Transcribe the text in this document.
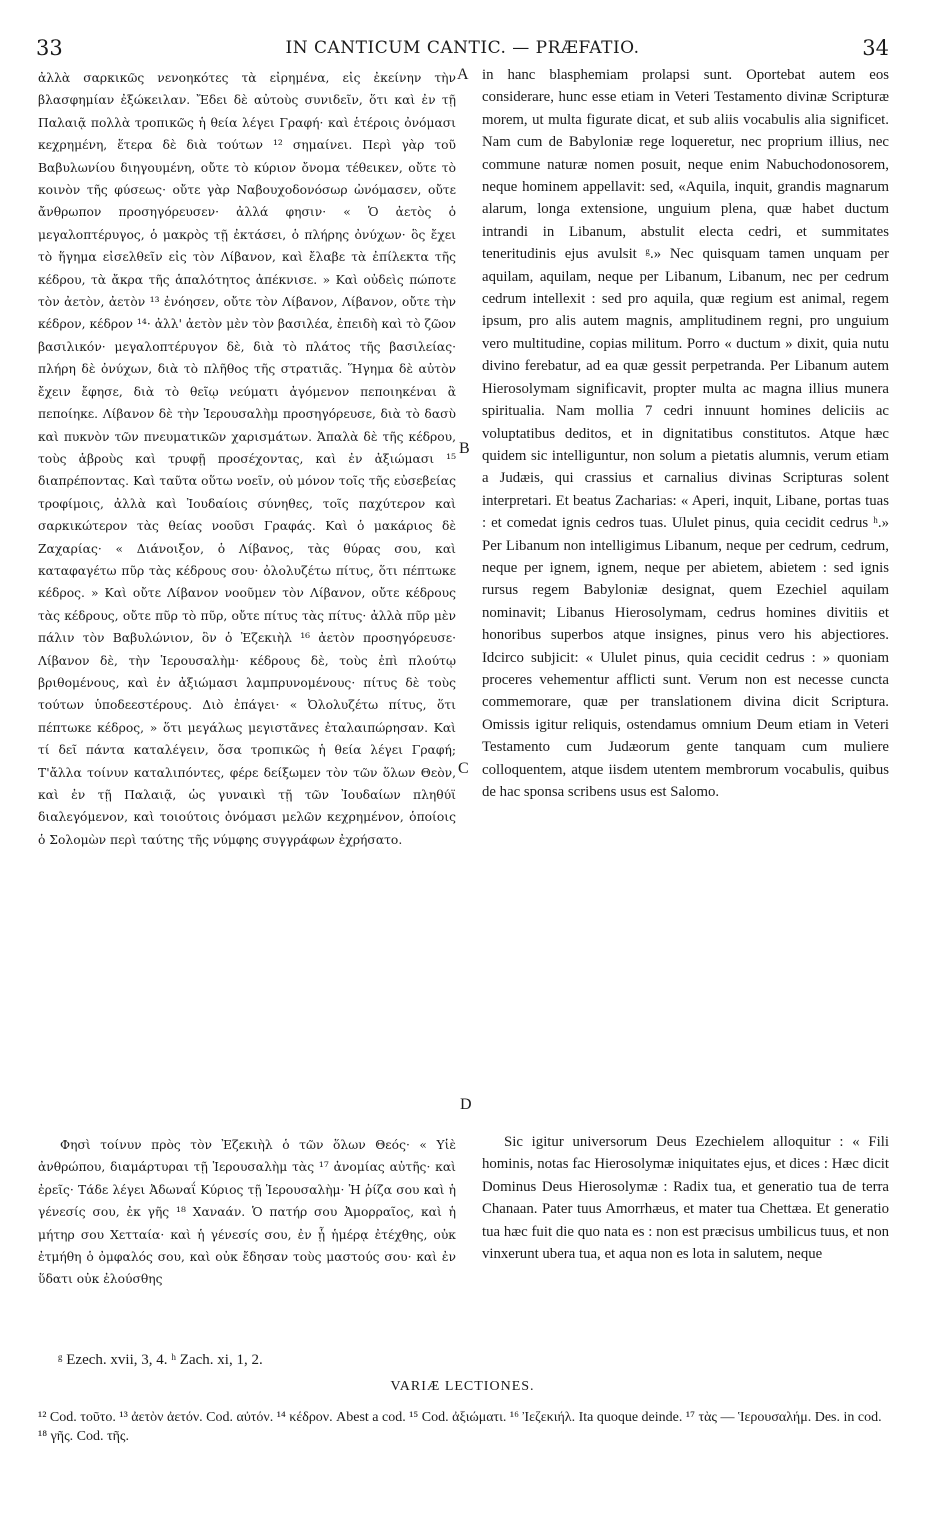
33	IN CANTICUM CANTIC. — PRÆFATIO.	34

ἀλλὰ σαρκικῶς νενοηκότες τὰ εἰρημένα, εἰς ἐκείνην τὴν βλασφημίαν ἐξώκειλαν. Ἔδει δὲ αὐτοὺς συνιδεῖν, ὅτι καὶ ἐν τῇ Παλαιᾷ πολλὰ τροπικῶς ἡ θεία λέγει Γραφή· καὶ ἑτέροις ὀνόμασι κεχρημένη, ἕτερα δὲ διὰ τούτων ¹² σημαίνει. Περὶ γὰρ τοῦ Βαβυλωνίου διηγουμένη, οὔτε τὸ κύριον ὄνομα τέθεικεν, οὔτε τὸ κοινὸν τῆς φύσεως· οὔτε γὰρ Ναβουχοδονόσωρ ὠνόμασεν, οὔτε ἄνθρωπον προσηγόρευσεν· ἀλλά φησιν· « Ὁ ἀετὸς ὁ μεγαλοπτέρυγος, ὁ μακρὸς τῇ ἐκτάσει, ὁ πλήρης ὀνύχων· ὃς ἔχει τὸ ἥγημα εἰσελθεῖν εἰς τὸν Λίβανον, καὶ ἔλαβε τὰ ἐπίλεκτα τῆς κέδρου, τὰ ἄκρα τῆς ἁπαλότητος ἀπέκνισε. » Καὶ οὐδεὶς πώποτε τὸν ἀετὸν, ἀετὸν ¹³ ἐνόησεν, οὔτε τὸν Λίβανον, Λίβανον, οὔτε τὴν κέδρον, κέδρον ¹⁴· ἀλλ' ἀετὸν μὲν τὸν βασιλέα, ἐπειδὴ καὶ τὸ ζῶον βασιλικόν· μεγαλοπτέρυγον δὲ, διὰ τὸ πλάτος τῆς βασιλείας· πλήρη δὲ ὀνύχων, διὰ τὸ πλῆθος τῆς στρατιᾶς. Ἥγημα δὲ αὐτὸν ἔχειν ἔφησε, διὰ τὸ θεῖῳ νεύματι ἀγόμενον πεποιηκέναι ἃ πεποίηκε. Λίβανον δὲ τὴν Ἱερουσαλὴμ προσηγόρευσε, διὰ τὸ δασὺ καὶ πυκνὸν τῶν πνευματικῶν χαρισμάτων. Ἁπαλὰ δὲ τῆς κέδρου, τοὺς ἁβροὺς καὶ τρυφῇ προσέχοντας, καὶ ἐν ἀξιώμασι ¹⁵ διαπρέποντας. Καὶ ταῦτα οὕτω νοεῖν, οὐ μόνον τοῖς τῆς εὐσεβείας τροφίμοις, ἀλλὰ καὶ Ἰουδαίοις σύνηθες, τοῖς παχύτερον καὶ σαρκικώτερον τὰς θείας νοοῦσι Γραφάς. Καὶ ὁ μακάριος δὲ Ζαχαρίας· « Διάνοιξον, ὁ Λίβανος, τὰς θύρας σου, καὶ καταφαγέτω πῦρ τὰς κέδρους σου· ὀλολυζέτω πίτυς, ὅτι πέπτωκε κέδρος. » Καὶ οὔτε Λίβανον νοοῦμεν τὸν Λίβανον, οὔτε κέδρους τὰς κέδρους, οὔτε πῦρ τὸ πῦρ, οὔτε πίτυς τὰς πίτυς· ἀλλὰ πῦρ μὲν πάλιν τὸν Βαβυλώνιον, ὃν ὁ Ἐζεκιὴλ ¹⁶ ἀετὸν προσηγόρευσε· Λίβανον δὲ, τὴν Ἱερουσαλὴμ· κέδρους δὲ, τοὺς ἐπὶ πλούτῳ βριθομένους, καὶ ἐν ἀξιώμασι λαμπρυνομένους· πίτυς δὲ τοὺς τούτων ὑποδεεστέρους. Διὸ ἐπάγει· « Ὀλολυζέτω πίτυς, ὅτι πέπτωκε κέδρος, » ὅτι μεγάλως μεγιστᾶνες ἐταλαιπώρησαν. Καὶ τί δεῖ πάντα καταλέγειν, ὅσα τροπικῶς ἡ θεία λέγει Γραφή; Τ'ἄλλα τοίνυν καταλιπόντες, φέρε δείξωμεν τὸν τῶν ὅλων Θεὸν, καὶ ἐν τῇ Παλαιᾷ, ὡς γυναικὶ τῇ τῶν Ἰουδαίων πληθύϊ διαλεγόμενον, καὶ τοιούτοις ὀνόμασι μελῶν κεχρημένον, ὁποίοις ὁ Σολομὼν περὶ ταύτης τῆς νύμφης συγγράφων ἐχρήσατο.

in hanc blasphemiam prolapsi sunt. Oportebat autem eos considerare, hunc esse etiam in Veteri Testamento divinæ Scripturæ morem, ut multa figurate dicat, et sub aliis vocabulis alia significet. Nam cum de Babyloniæ rege loqueretur, nec proprium illius, nec commune naturæ nomen posuit, neque enim Nabuchodonosorem, neque hominem appellavit: sed, «Aquila, inquit, grandis magnarum alarum, longa extensione, unguium plena, quæ habet ductum intrandi in Libanum, abstulit electa cedri, et summitates teneritudinis ejus avulsit ᵍ.» Nec quisquam tamen unquam per aquilam, aquilam, neque per Libanum, Libanum, nec per cedrum cedrum intellexit : sed pro aquila, quæ regium est animal, regem ipsum, pro alis autem magnis, amplitudinem regni, pro unguium vero multitudine, copias militum. Porro « ductum » dixit, quia nutu divino ferebatur, ad ea quæ gessit perpetranda. Per Libanum autem Hierosolymam significavit, propter multa ac magna illius munera spiritualia. Nam mollia 7 cedri innuunt homines deliciis ac voluptatibus deditos, et in dignitatibus constitutos. Atque hæc quidem sic intelliguntur, non solum a pietatis alumnis, verum etiam a Judæis, qui crassius et carnalius divinas Scripturas solent interpretari. Et beatus Zacharias: « Aperi, inquit, Libane, portas tuas : et comedat ignis cedros tuas. Ululet pinus, quia cecidit cedrus ʰ.» Per Libanum non intelligimus Libanum, neque per cedrum, cedrum, neque per ignem, ignem, neque per abietem, abietem : sed ignis rursus regem Babyloniæ designat, quem Ezechiel aquilam nominavit; Libanus Hierosolymam, cedrus homines divitiis et honoribus superbos atque insignes, pinus vero his abjectiores. Idcirco subjicit: « Ululet pinus, quia cecidit cedrus : » quoniam proceres vehementur afflicti sunt. Verum non est necesse cuncta commemorare, quæ per translationem divina dicit Scriptura. Omissis igitur reliquis, ostendamus omnium Deum etiam in Veteri Testamento cum Judæorum gente tanquam cum muliere colloquentem, atque iisdem utentem membrorum vocabulis, quibus de hac sponsa scribens usus est Salomo.

A
B
C
D

Φησὶ τοίνυν πρὸς τὸν Ἐζεκιὴλ ὁ τῶν ὅλων Θεός· « Υἱὲ ἀνθρώπου, διαμάρτυραι τῇ Ἱερουσαλὴμ τὰς ¹⁷ ἀνομίας αὐτῆς· καὶ ἐρεῖς· Τάδε λέγει Ἀδωναΐ Κύριος τῇ Ἱερουσαλὴμ· Ἡ ῥίζα σου καὶ ἡ γένεσίς σου, ἐκ γῆς ¹⁸ Χαναάν. Ὁ πατήρ σου Ἀμορραῖος, καὶ ἡ μήτηρ σου Χετταία· καὶ ἡ γένεσίς σου, ἐν ᾗ ἡμέρᾳ ἐτέχθης, οὐκ ἐτμήθη ὁ ὀμφαλός σου, καὶ οὐκ ἔδησαν τοὺς μαστούς σου· καὶ ἐν ὕδατι οὐκ ἐλούσθης

Sic igitur universorum Deus Ezechielem alloquitur : « Fili hominis, notas fac Hierosolymæ iniquitates ejus, et dices : Hæc dicit Dominus Deus Hierosolymæ : Radix tua, et generatio tua de terra Chanaan. Pater tuus Amorrhæus, et mater tua Chettæa. Et generatio tua hæc fuit die quo nata es : non est præcisus umbilicus tuus, et non vinxerunt ubera tua, et aqua non es lota in salutem, neque

ᵍ Ezech. xvii, 3, 4. ʰ Zach. xi, 1, 2.
VARIÆ LECTIONES.
¹² Cod. τοῦτο. ¹³ ἀετὸν ἀετόν. Cod. αὐτόν. ¹⁴ κέδρον. Abest a cod. ¹⁵ Cod. ἀξιώματι. ¹⁶ Ἰεζεκιήλ. Ita quoque deinde. ¹⁷ τὰς — Ἱερουσαλήμ. Des. in cod. ¹⁸ γῆς. Cod. τῆς.
